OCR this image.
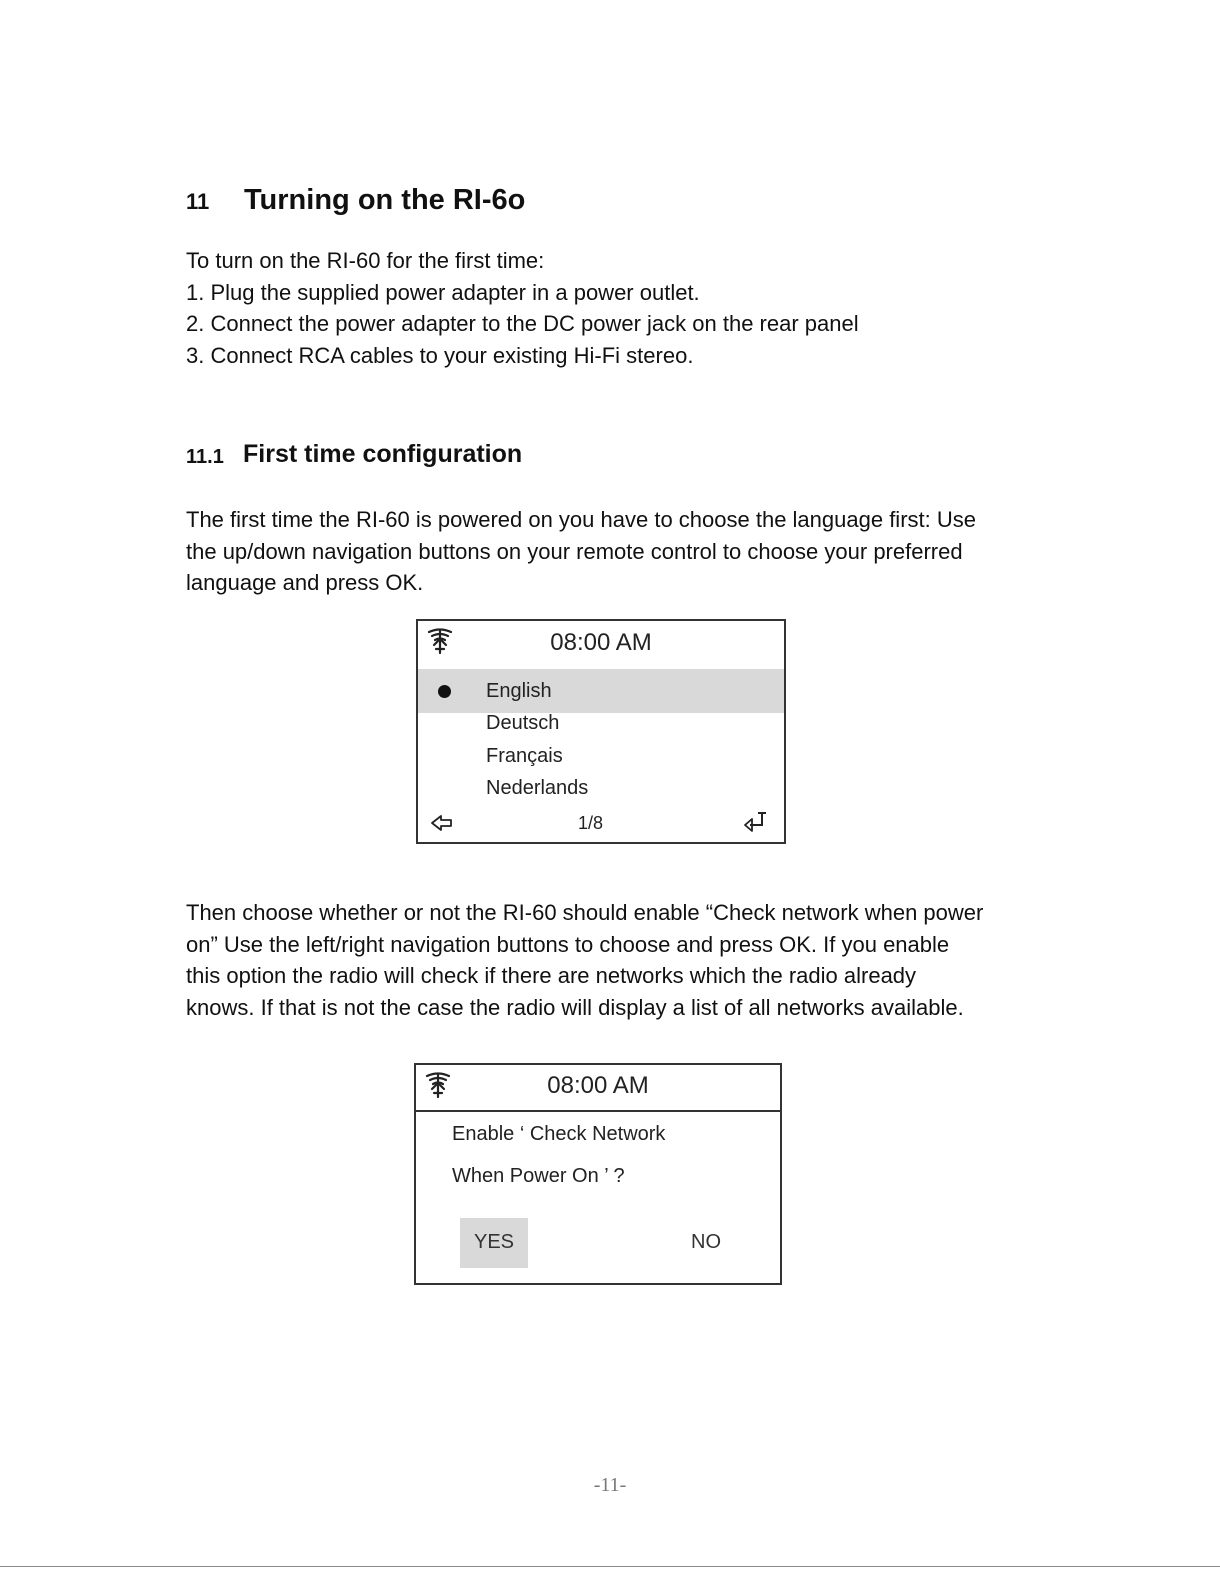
11 Turning on the RI-6o

To turn on the RI-60 for the first time:

1. Plug the supplied power adapter in a power outlet.

2. Connect the power adapter to the DC power jack on the rear panel

3. Connect RCA cables to your existing Hi-Fi stereo.

11.1 First time configuration

The first time the RI-60 is powered on you have to choose the language first: Use

the up/down navigation buttons on your remote control to choose your preferred

language and press OK.

08:00 AM
English
Deutsch
Français
Nederlands
1/8

Then choose whether or not the RI-60 should enable “Check network when power

on” Use the left/right navigation buttons to choose and press OK. If you enable

this option the radio will check if there are networks which the radio already

knows. If that is not the case the radio will display a list of all networks available.

08:00 AM
Enable ‘ Check Network
When Power On ’ ?
YES	NO
-11-
